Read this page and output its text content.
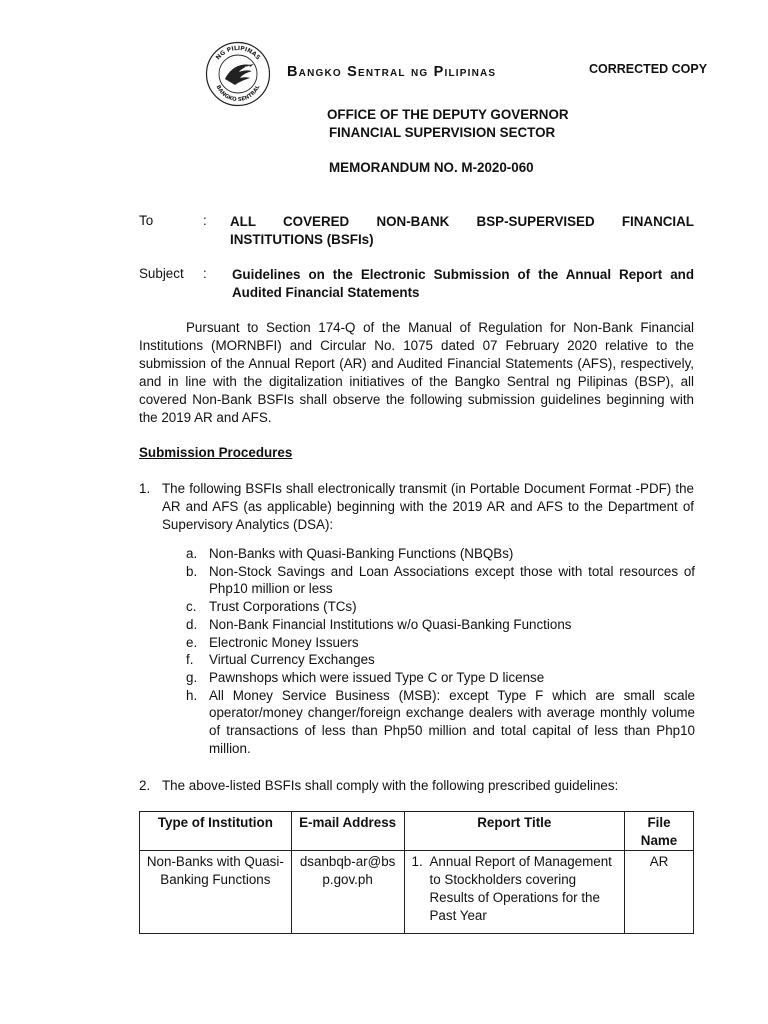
NG PILIPINAS
BANGKO SENTRAL
Bangko Sentral ng Pilipinas	CORRECTED COPY
OFFICE OF THE DEPUTY GOVERNOR
FINANCIAL SUPERVISION SECTOR
MEMORANDUM NO. M-2020-060
To	: ALL COVERED NON-BANK BSP-SUPERVISED FINANCIAL INSTITUTIONS (BSFIs)
Subject : Guidelines on the Electronic Submission of the Annual Report and Audited Financial Statements
Pursuant to Section 174-Q of the Manual of Regulation for Non-Bank Financial Institutions (MORNBFI) and Circular No. 1075 dated 07 February 2020 relative to the submission of the Annual Report (AR) and Audited Financial Statements (AFS), respectively, and in line with the digitalization initiatives of the Bangko Sentral ng Pilipinas (BSP), all covered Non-Bank BSFIs shall observe the following submission guidelines beginning with the 2019 AR and AFS.
Submission Procedures
1. The following BSFIs shall electronically transmit (in Portable Document Format -PDF) the AR and AFS (as applicable) beginning with the 2019 AR and AFS to the Department of Supervisory Analytics (DSA):
a. Non-Banks with Quasi-Banking Functions (NBQBs)
b. Non-Stock Savings and Loan Associations except those with total resources of Php10 million or less
c. Trust Corporations (TCs)
d. Non-Bank Financial Institutions w/o Quasi-Banking Functions
e. Electronic Money Issuers
f. Virtual Currency Exchanges
g. Pawnshops which were issued Type C or Type D license
h. All Money Service Business (MSB): except Type F which are small scale operator/money changer/foreign exchange dealers with average monthly volume of transactions of less than Php50 million and total capital of less than Php10 million.
2. The above-listed BSFIs shall comply with the following prescribed guidelines:
Type of Institution	E-mail Address	Report Title	File Name
Non-Banks with Quasi-Banking Functions	dsanbqb-ar@bsp.gov.ph	1. Annual Report of Management to Stockholders covering Results of Operations for the Past Year	AR
